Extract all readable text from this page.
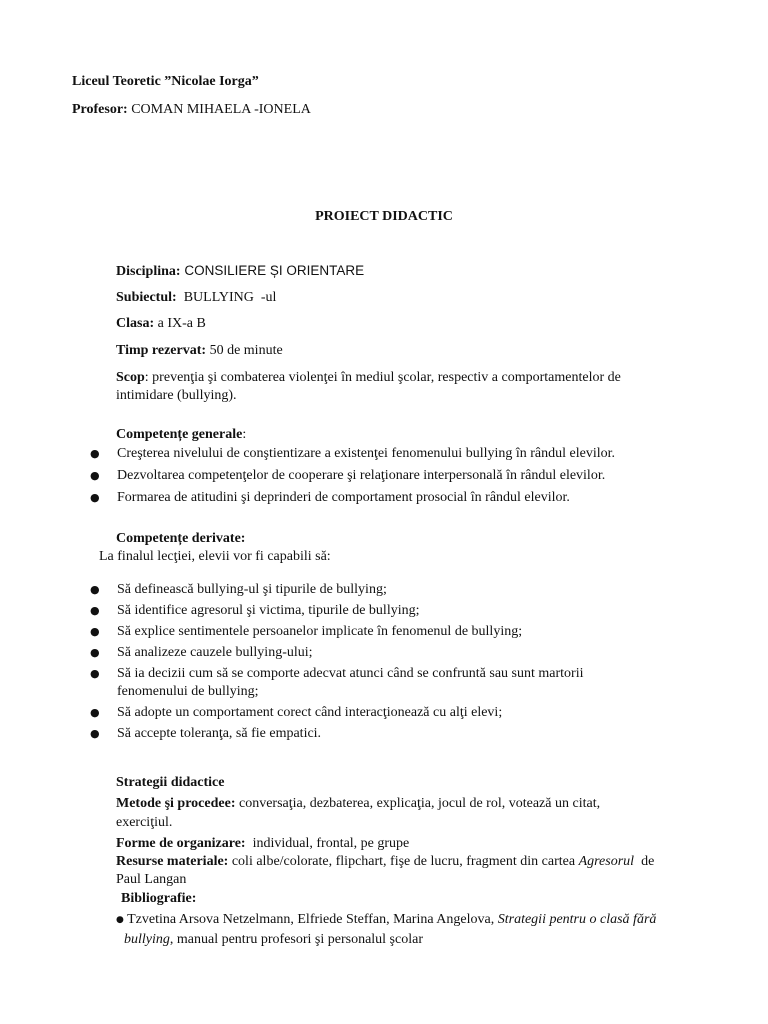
Liceul Teoretic ”Nicolae Iorga”
Profesor: COMAN MIHAELA -IONELA
PROIECT DIDACTIC
Disciplina: CONSILIERE ȘI ORIENTARE
Subiectul:  BULLYING  -ul
Clasa: a IX-a B
Timp rezervat: 50 de minute
Scop: prevenţia şi combaterea violenţei în mediul şcolar, respectiv a comportamentelor de
intimidare (bullying).
Competențe generale:
● Creşterea nivelului de conştientizare a existenţei fenomenului bullying în rândul elevilor.
● Dezvoltarea competenţelor de cooperare şi relaţionare interpersonală în rândul elevilor.
● Formarea de atitudini şi deprinderi de comportament prosocial în rândul elevilor.
Competențe derivate:
La finalul lecţiei, elevii vor fi capabili să:
● Să definească bullying-ul şi tipurile de bullying;
● Să identifice agresorul şi victima, tipurile de bullying;
● Să explice sentimentele persoanelor implicate în fenomenul de bullying;
● Să analizeze cauzele bullying-ului;
● Să ia decizii cum să se comporte adecvat atunci când se confruntă sau sunt martorii
fenomenului de bullying;
● Să adopte un comportament corect când interacţionează cu alţi elevi;
● Să accepte toleranţa, să fie empatici.
Strategii didactice
Metode şi procedee: conversaţia, dezbaterea, explicaţia, jocul de rol, votează un citat,
exerciţiul.
Forme de organizare:  individual, frontal, pe grupe
Resurse materiale: coli albe/colorate, flipchart, fişe de lucru, fragment din cartea Agresorul  de
Paul Langan
Bibliografie:
● Tzvetina Arsova Netzelmann, Elfriede Steffan, Marina Angelova, Strategii pentru o clasă fără
bullying, manual pentru profesori şi personalul şcolar
